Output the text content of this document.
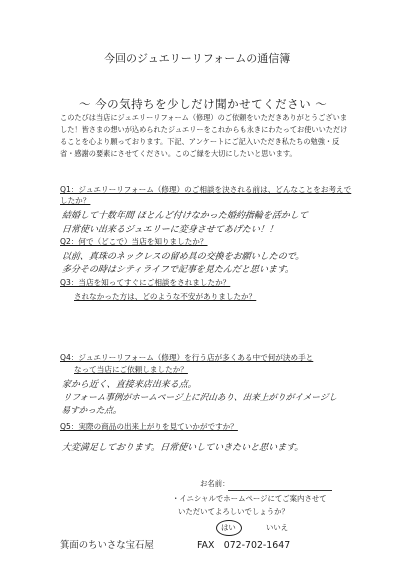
今回のジュエリーリフォームの通信簿
～ 今の気持ちを少しだけ聞かせてください ～
このたびは当店にジュエリーリフォーム（修理）のご依頼をいただきありがとうございました！皆さまの想いが込められたジュエリーをこれからも永きにわたってお使いいただけることを心より願っております。下記、アンケートにご記入いただき私たちの勉強・反省・感謝の要素にさせてください。このご縁を大切にしたいと思います。
Q1：ジュエリーリフォーム（修理）のご相談を決される前は、どんなことをお考えでしたか？
結婚して十数年間 ほとんど付けなかった婚約指輪を活かして
日常使い出来るジュエリーに変身させてあげたい！！
Q2：何で（どこで）当店を知りましたか？
以前、真珠のネックレスの留め具の交換をお願いしたので。
多分その時はシティライフで記事を見たんだと思います。
Q3：当店を知ってすぐにご相談をされましたか？
されなかった方は、どのような不安がありましたか？
Q4：ジュエリーリフォーム（修理）を行う店が多くある中で何が決め手と
なって当店にご依頼しましたか？
家から近く、直接来店出来る点。
リフォーム事例がホームページ上に沢山あり、出来上がりがイメージし易すかった点。
Q5：実際の商品の出来上がりを見ていかがですか？
大変満足しております。日常使いしていきたいと思います。
お名前：
・イニシャルでホームページにてご案内させて
いただいてよろしいでしょうか？
はい	いいえ
箕面のちいさな宝石屋	FAX　072-702-1647
